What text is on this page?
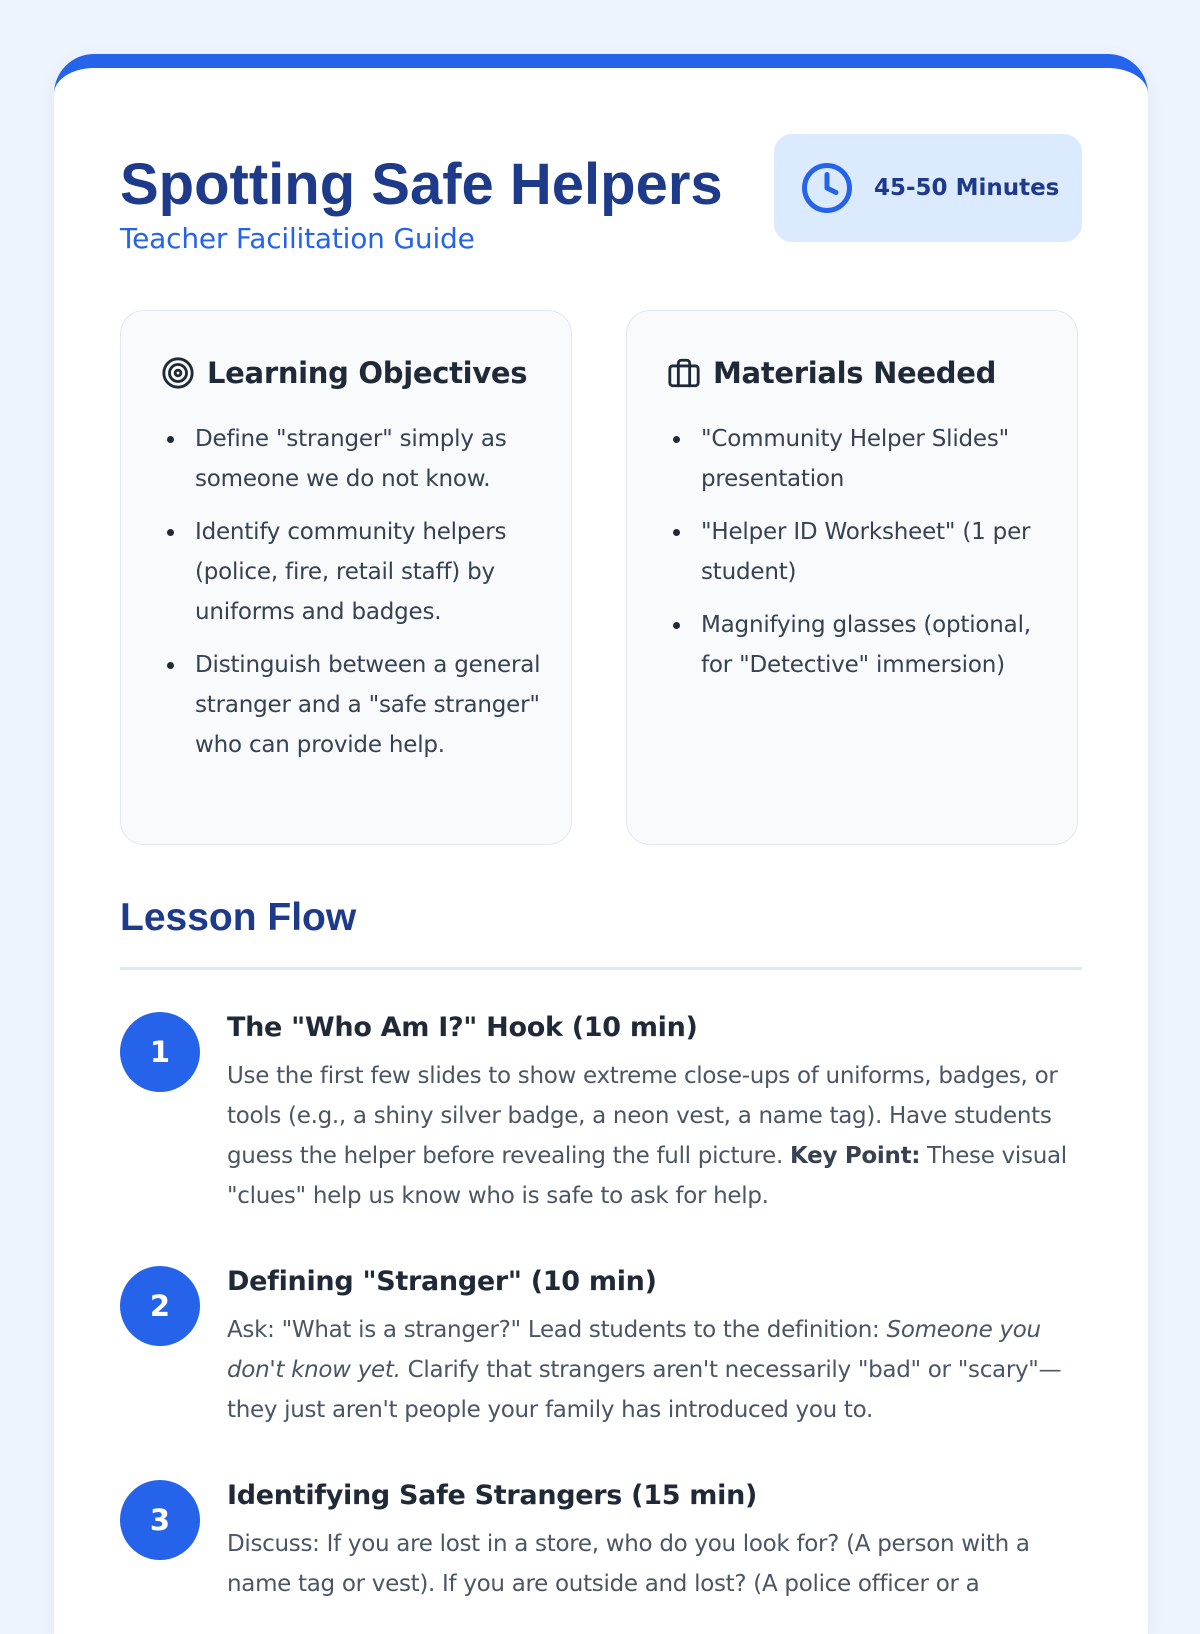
Spotting Safe Helpers
Teacher Facilitation Guide
45-50 Minutes
Learning Objectives
Define "stranger" simply as someone we do not know.
Identify community helpers (police, fire, retail staff) by uniforms and badges.
Distinguish between a general stranger and a "safe stranger" who can provide help.
Materials Needed
"Community Helper Slides" presentation
"Helper ID Worksheet" (1 per student)
Magnifying glasses (optional, for "Detective" immersion)
Lesson Flow
1
The "Who Am I?" Hook (10 min)

Use the first few slides to show extreme close-ups of uniforms, badges, or tools (e.g., a shiny silver badge, a neon vest, a name tag). Have students guess the helper before revealing the full picture. Key Point: These visual "clues" help us know who is safe to ask for help.

2
Defining "Stranger" (10 min)

Ask: "What is a stranger?" Lead students to the definition: Someone you don't know yet. Clarify that strangers aren't necessarily "bad" or "scary"—they just aren't people your family has introduced you to.

3
Identifying Safe Strangers (15 min)

Discuss: If you are lost in a store, who do you look for? (A person with a name tag or vest). If you are outside and lost? (A police officer or a
